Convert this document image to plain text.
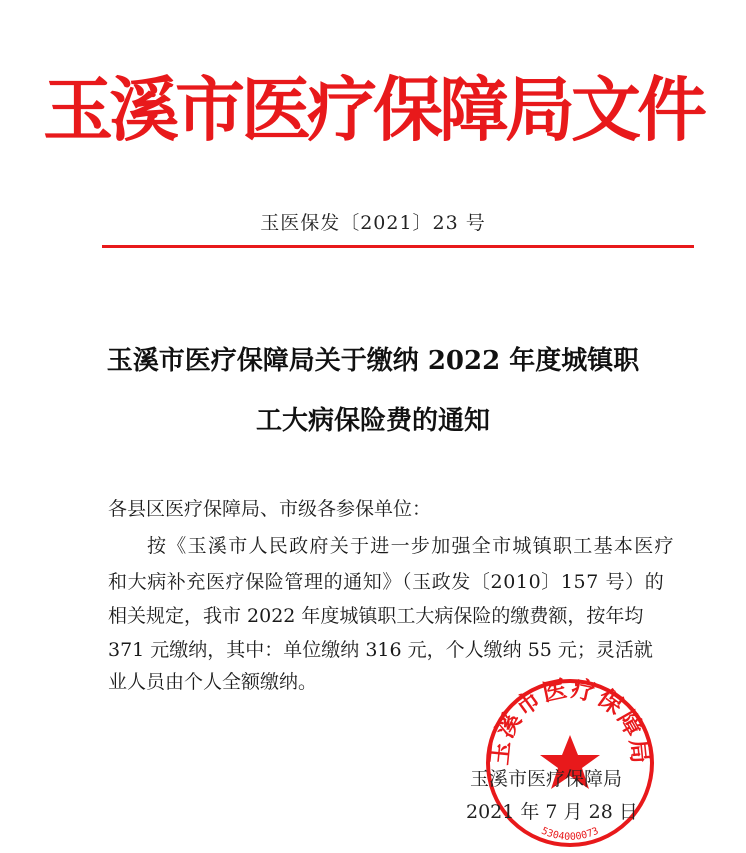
玉溪市医疗保障局文件
玉医保发〔2021〕23 号
玉溪市医疗保障局关于缴纳 2022 年度城镇职
工大病保险费的通知
各县区医疗保障局、市级各参保单位：
按《玉溪市人民政府关于进一步加强全市城镇职工基本医疗
和大病补充医疗保险管理的通知》（玉政发〔2010〕157 号）的
相关规定，我市 2022 年度城镇职工大病保险的缴费额，按年均
371 元缴纳，其中：单位缴纳 316 元，个人缴纳 55 元；灵活就
业人员由个人全额缴纳。
玉溪市医疗保障局
5304000073
玉溪市医疗保障局
2021 年 7 月 28 日
